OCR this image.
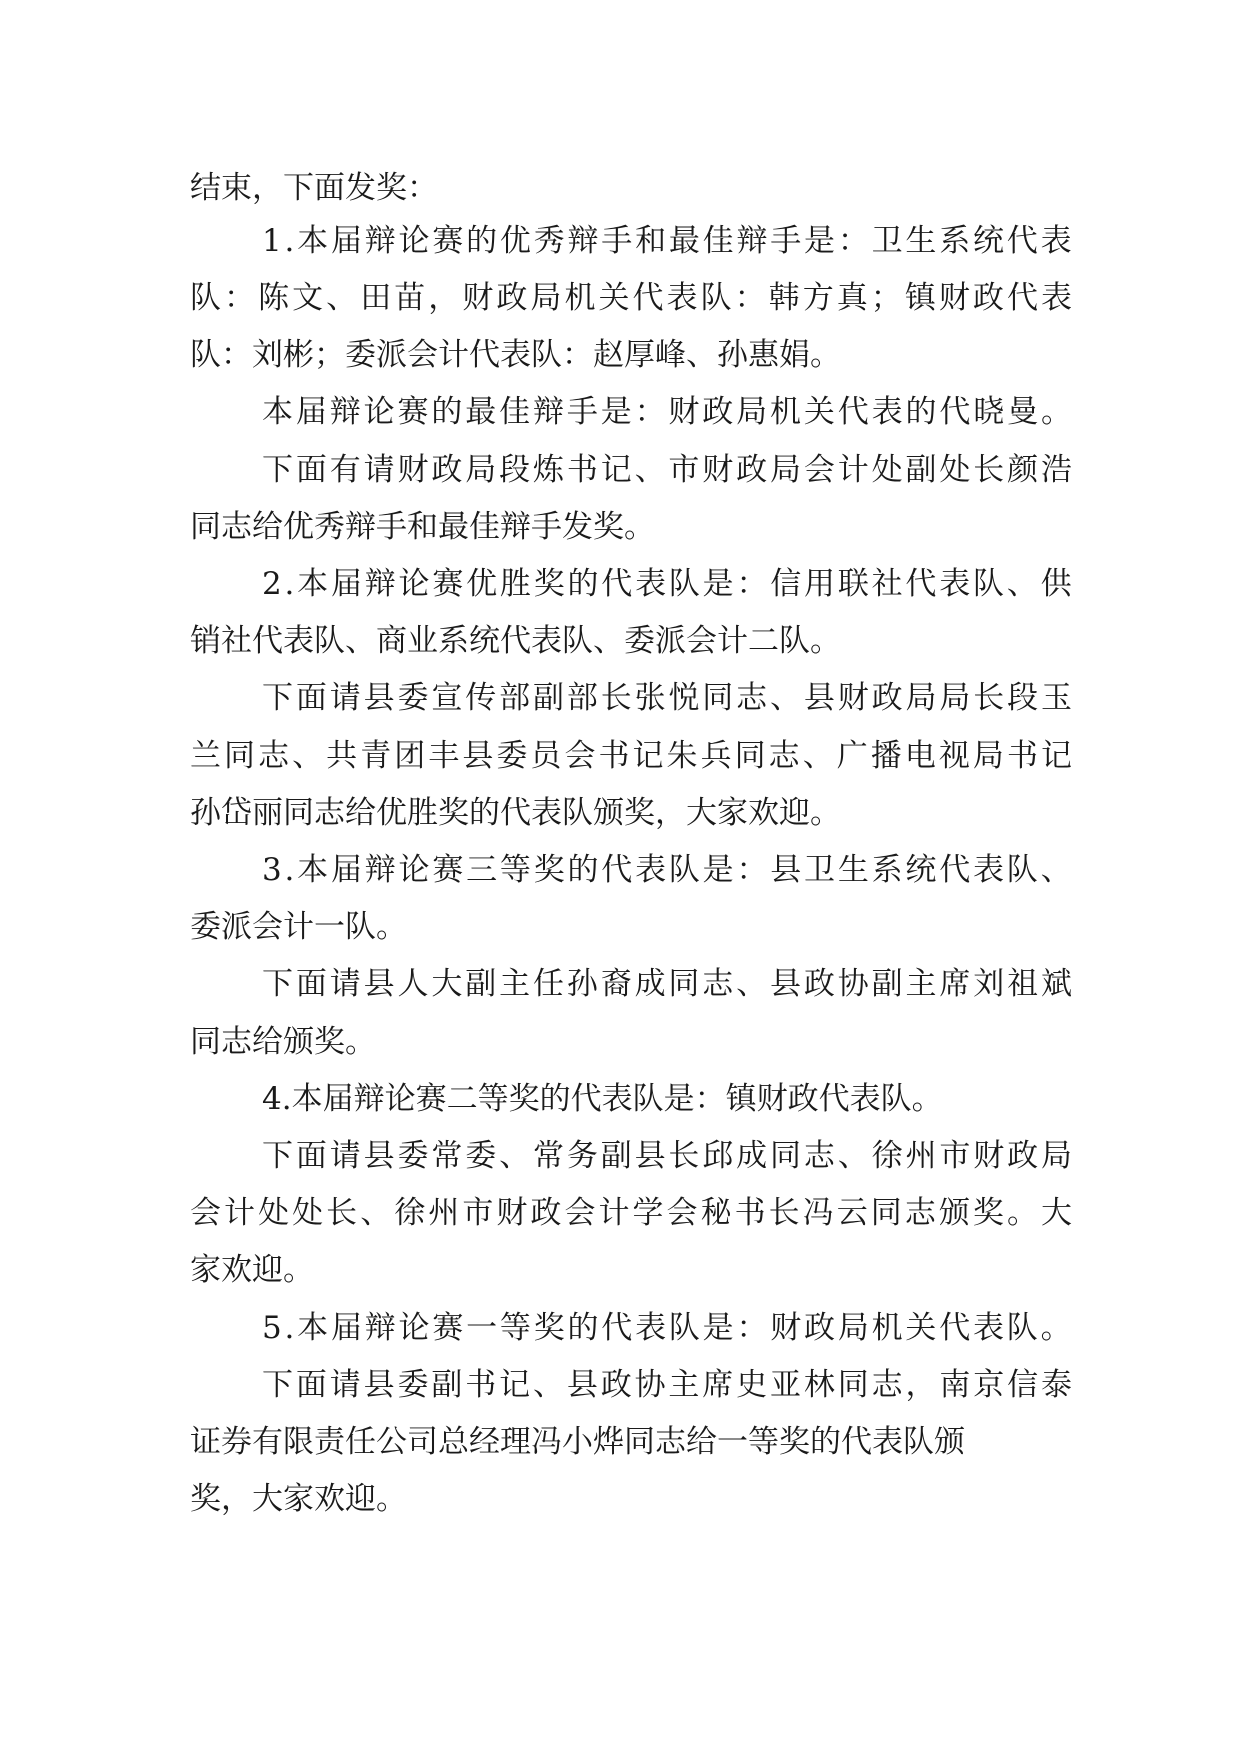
结束，下面发奖：
1.本届辩论赛的优秀辩手和最佳辩手是：卫生系统代表
队：陈文、田苗，财政局机关代表队：韩方真；镇财政代表
队：刘彬；委派会计代表队：赵厚峰、孙惠娟。
本届辩论赛的最佳辩手是：财政局机关代表的代晓曼。
下面有请财政局段炼书记、市财政局会计处副处长颜浩
同志给优秀辩手和最佳辩手发奖。
2.本届辩论赛优胜奖的代表队是：信用联社代表队、供
销社代表队、商业系统代表队、委派会计二队。
下面请县委宣传部副部长张悦同志、县财政局局长段玉
兰同志、共青团丰县委员会书记朱兵同志、广播电视局书记
孙岱丽同志给优胜奖的代表队颁奖，大家欢迎。
3.本届辩论赛三等奖的代表队是：县卫生系统代表队、
委派会计一队。
下面请县人大副主任孙裔成同志、县政协副主席刘祖斌
同志给颁奖。
4.本届辩论赛二等奖的代表队是：镇财政代表队。
下面请县委常委、常务副县长邱成同志、徐州市财政局
会计处处长、徐州市财政会计学会秘书长冯云同志颁奖。大
家欢迎。
5.本届辩论赛一等奖的代表队是：财政局机关代表队。
下面请县委副书记、县政协主席史亚林同志，南京信泰
证券有限责任公司总经理冯小烨同志给一等奖的代表队颁
奖，大家欢迎。
